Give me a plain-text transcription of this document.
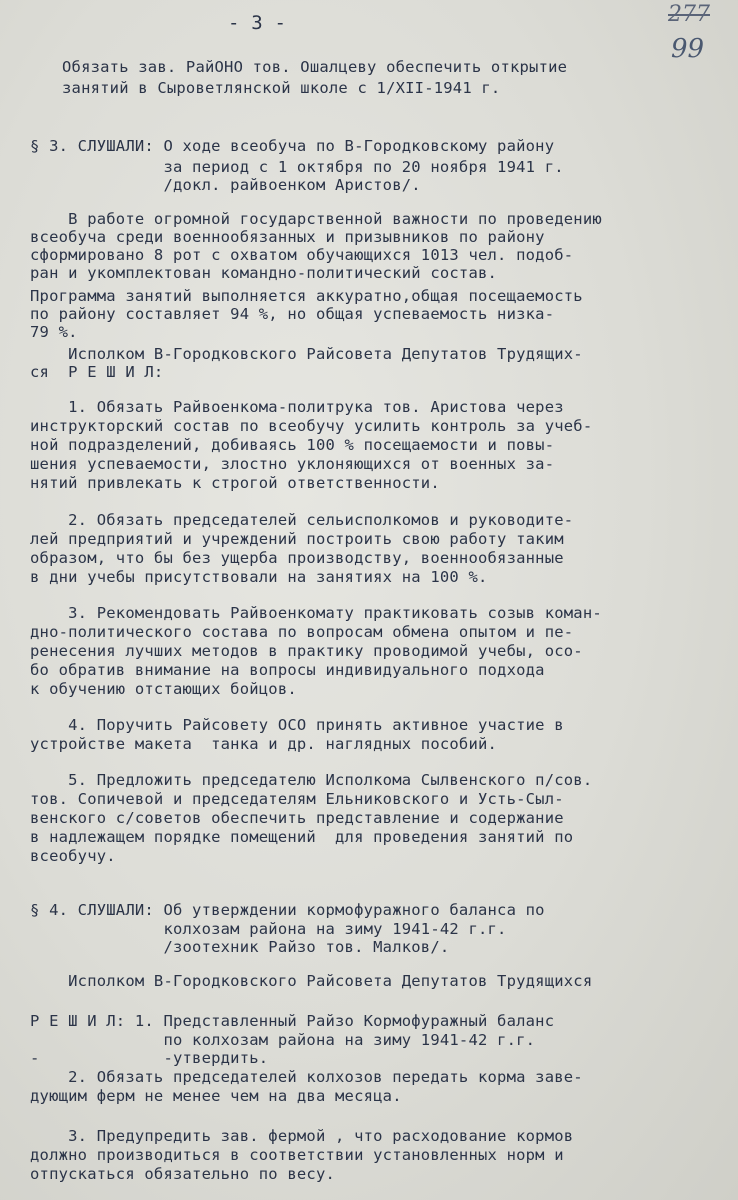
- 3 -	277
99
Обязать зав. РайОНО тов. Ошалцеву обеспечить открытие
занятий в Сыроветлянской школе с 1/XII-1941 г.
§ 3. СЛУШАЛИ: О ходе всеобуча по В-Городковскому району
за период с 1 октября по 20 ноября 1941 г.
/докл. райвоенком Аристов/.
В работе огромной государственной важности по проведению
всеобуча среди военнообязанных и призывников по району
сформировано 8 рот с охватом обучающихся 1013 чел. подоб-
ран и укомплектован командно-политический состав.
Программа занятий выполняется аккуратно,общая посещаемость
по району составляет 94 %, но общая успеваемость низка-
79 %.
Исполком В-Городковского Райсовета Депутатов Трудящих-
ся  Р Е Ш И Л:
1. Обязать Райвоенкома-политрука тов. Аристова через
инструкторский состав по всеобучу усилить контроль за учеб-
ной подразделений, добиваясь 100 % посещаемости и повы-
шения успеваемости, злостно уклоняющихся от военных за-
нятий привлекать к строгой ответственности.
2. Обязать председателей сельисполкомов и руководите-
лей предприятий и учреждений построить свою работу таким
образом, что бы без ущерба производству, военнообязанные
в дни учебы присутствовали на занятиях на 100 %.
3. Рекомендовать Райвоенкомату практиковать созыв коман-
дно-политического состава по вопросам обмена опытом и пе-
ренесения лучших методов в практику проводимой учебы, осо-
бо обратив внимание на вопросы индивидуального подхода
к обучению отстающих бойцов.
4. Поручить Райсовету ОСО принять активное участие в
устройстве макета  танка и др. наглядных пособий.
5. Предложить председателю Исполкома Сылвенского п/сов.
тов. Сопичевой и председателям Ельниковского и Усть-Сыл-
венского с/советов обеспечить представление и содержание
в надлежащем порядке помещений  для проведения занятий по
всеобучу.
§ 4. СЛУШАЛИ: Об утверждении кормофуражного баланса по
колхозам района на зиму 1941-42 г.г.
/зоотехник Райзо тов. Малков/.
Исполком В-Городковского Райсовета Депутатов Трудящихся
Р Е Ш И Л: 1. Представленный Райзо Кормофуражный баланс
по колхозам района на зиму 1941-42 г.г.
-             -утвердить.
2. Обязать председателей колхозов передать корма заве-
дующим ферм не менее чем на два месяца.
3. Предупредить зав. фермой , что расходование кормов
должно производиться в соответствии установленных норм и
отпускаться обязательно по весу.
